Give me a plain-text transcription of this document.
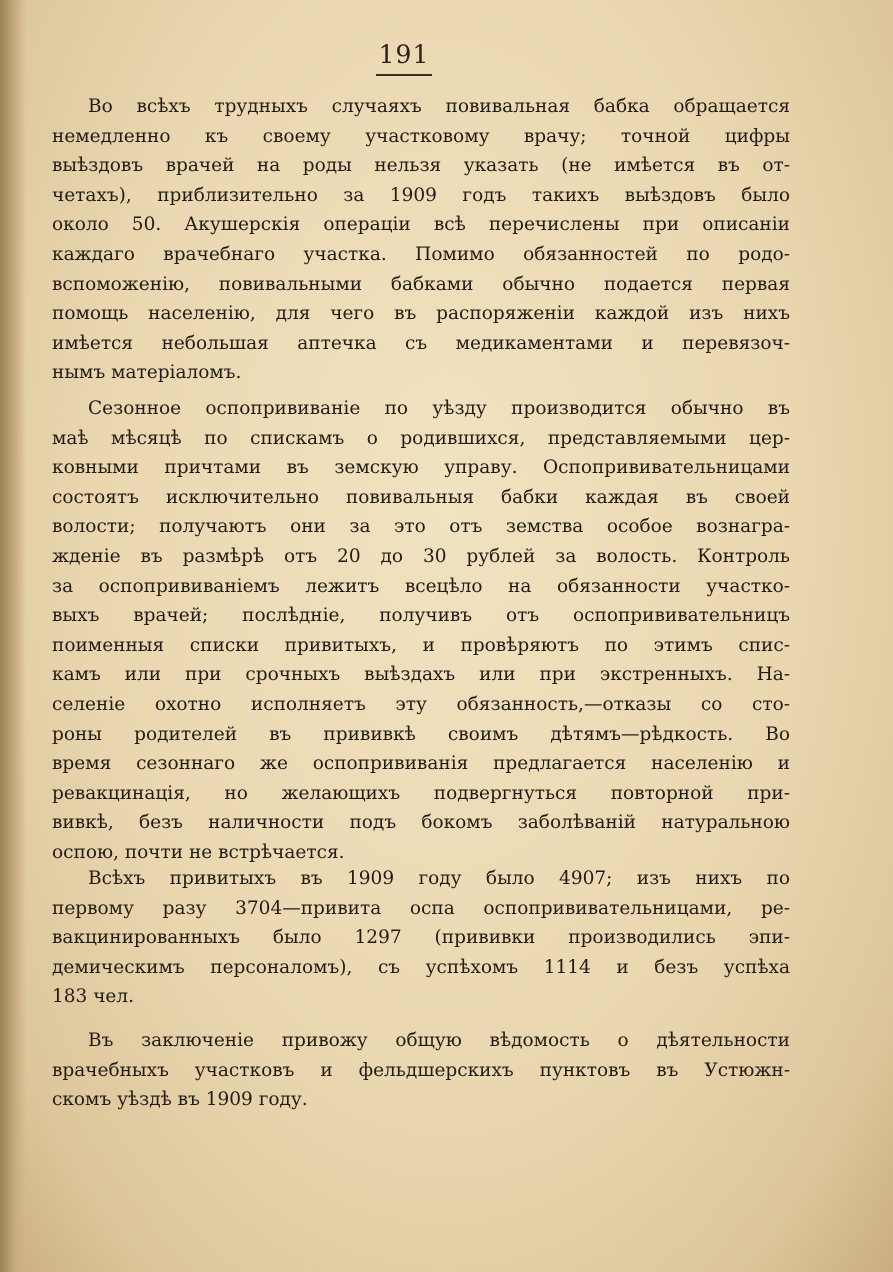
191

Во всѣхъ трудныхъ случаяхъ повивальная бабка обращается
немедленно къ своему участковому врачу; точной цифры
выѣздовъ врачей на роды нельзя указать (не имѣется въ от-
четахъ), приблизительно за 1909 годъ такихъ выѣздовъ было
около 50. Акушерскія операціи всѣ перечислены при описаніи
каждаго врачебнаго участка. Помимо обязанностей по родо-
вспоможенію, повивальными бабками обычно подается первая
помощь населенію, для чего въ распоряженіи каждой изъ нихъ
имѣется небольшая аптечка съ медикаментами и перевязоч-
нымъ матеріаломъ.

Сезонное оспопрививаніе по уѣзду производится обычно въ
маѣ мѣсяцѣ по спискамъ о родившихся, представляемыми цер-
ковными причтами въ земскую управу. Оспопрививательницами
состоятъ исключительно повивальныя бабки каждая въ своей
волости; получаютъ они за это отъ земства особое вознагра-
жденіе въ размѣрѣ отъ 20 до 30 рублей за волость. Контроль
за оспопрививаніемъ лежитъ всецѣло на обязанности участко-
выхъ врачей; послѣдніе, получивъ отъ оспопрививательницъ
поименныя списки привитыхъ, и провѣряютъ по этимъ спис-
камъ или при срочныхъ выѣздахъ или при экстренныхъ. На-
селеніе охотно исполняетъ эту обязанность,—отказы со сто-
роны родителей въ прививкѣ своимъ дѣтямъ—рѣдкость. Во
время сезоннаго же оспопрививанія предлагается населенію и
ревакцинація, но желающихъ подвергнуться повторной при-
вивкѣ, безъ наличности подъ бокомъ заболѣваній натуральною
оспою, почти не встрѣчается.

Всѣхъ привитыхъ въ 1909 году было 4907; изъ нихъ по
первому разу 3704—привита оспа оспопрививательницами, ре-
вакцинированныхъ было 1297 (прививки производились эпи-
демическимъ персоналомъ), съ успѣхомъ 1114 и безъ успѣха
183 чел.

Въ заключеніе привожу общую вѣдомость о дѣятельности
врачебныхъ участковъ и фельдшерскихъ пунктовъ въ Устюжн-
скомъ уѣздѣ въ 1909 году.
